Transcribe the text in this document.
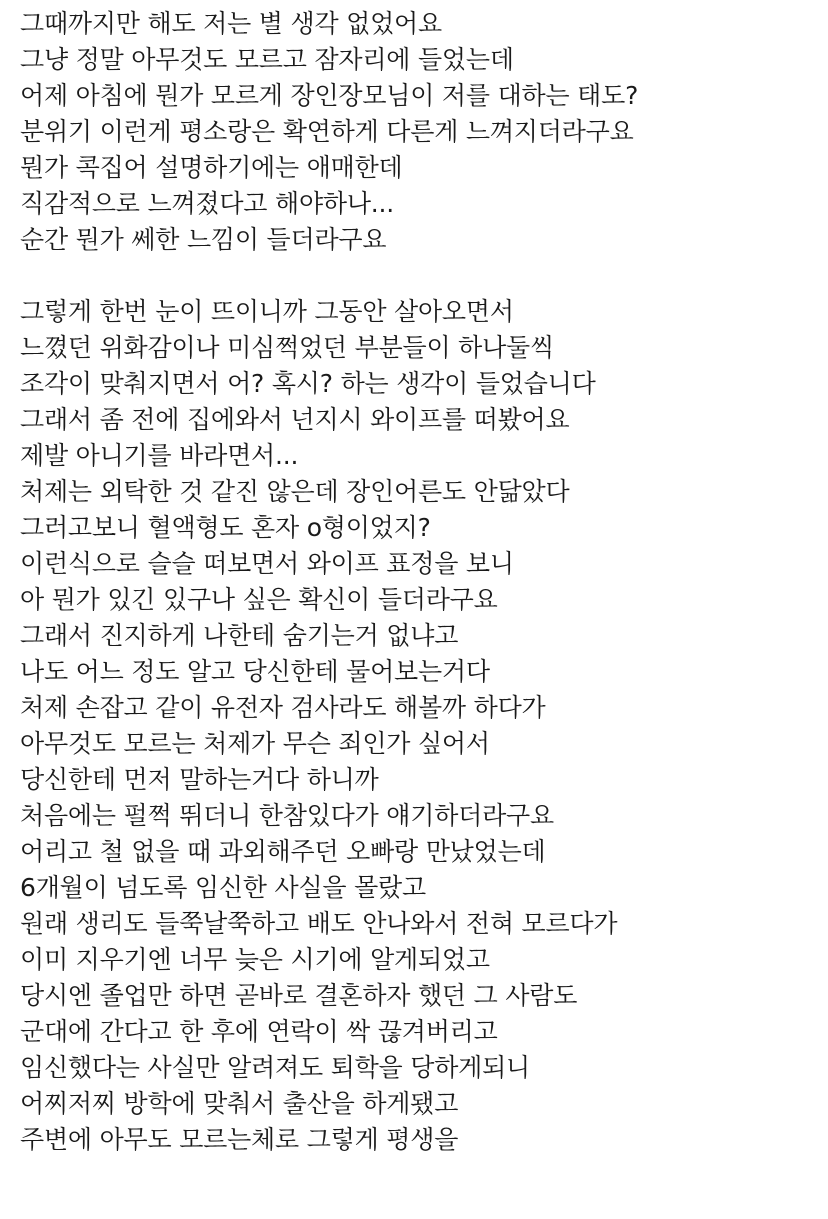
그때까지만 해도 저는 별 생각 없었어요
그냥 정말 아무것도 모르고 잠자리에 들었는데
어제 아침에 뭔가 모르게 장인장모님이 저를 대하는 태도?
분위기 이런게 평소랑은 확연하게 다른게 느껴지더라구요
뭔가 콕집어 설명하기에는 애매한데
직감적으로 느껴졌다고 해야하나...
순간 뭔가 쎄한 느낌이 들더라구요
그렇게 한번 눈이 뜨이니까 그동안 살아오면서
느꼈던 위화감이나 미심쩍었던 부분들이 하나둘씩
조각이 맞춰지면서 어? 혹시? 하는 생각이 들었습니다
그래서 좀 전에 집에와서 넌지시 와이프를 떠봤어요
제발 아니기를 바라면서...
처제는 외탁한 것 같진 않은데 장인어른도 안닮았다
그러고보니 혈액형도 혼자 o형이었지?
이런식으로 슬슬 떠보면서 와이프 표정을 보니
아 뭔가 있긴 있구나 싶은 확신이 들더라구요
그래서 진지하게 나한테 숨기는거 없냐고
나도 어느 정도 알고 당신한테 물어보는거다
처제 손잡고 같이 유전자 검사라도 해볼까 하다가
아무것도 모르는 처제가 무슨 죄인가 싶어서
당신한테 먼저 말하는거다 하니까
처음에는 펄쩍 뛰더니 한참있다가 얘기하더라구요
어리고 철 없을 때 과외해주던 오빠랑 만났었는데
6개월이 넘도록 임신한 사실을 몰랐고
원래 생리도 들쭉날쭉하고 배도 안나와서 전혀 모르다가
이미 지우기엔 너무 늦은 시기에 알게되었고
당시엔 졸업만 하면 곧바로 결혼하자 했던 그 사람도
군대에 간다고 한 후에 연락이 싹 끊겨버리고
임신했다는 사실만 알려져도 퇴학을 당하게되니
어찌저찌 방학에 맞춰서 출산을 하게됐고
주변에 아무도 모르는체로 그렇게 평생을
